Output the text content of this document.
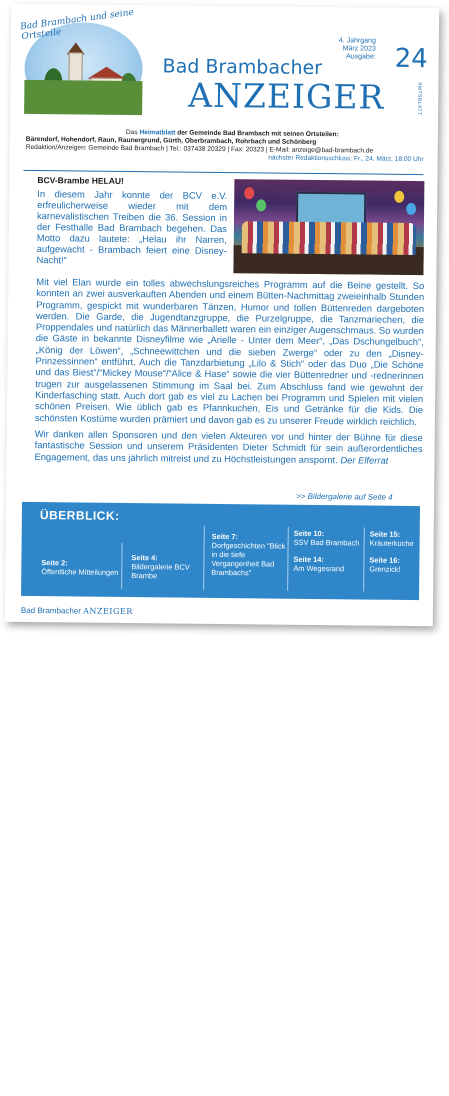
Bad Brambach und seine Ortsteile	4. Jahrgang
März 2023
Ausgabe: 24
Bad Brambacher
ANZEIGER	AMTSBLATT
Das Heimatblatt der Gemeinde Bad Brambach mit seinen Ortsteilen:
Bärendorf, Hohendorf, Raun, Raunergrund, Gürth, Oberbrambach, Rohrbach und Schönberg
Redaktion/Anzeigen: Gemeinde Bad Brambach | Tel.: 037438 20329 | Fax: 20323 | E-Mail: anzeige@bad-brambach.de
nächster Redaktionsschluss: Fr., 24. März, 18:00 Uhr
BCV-Brambe HELAU!
In diesem Jahr konnte der BCV e.V. erfreulicherweise wieder mit dem karnevalistischen Treiben die 36. Session in der Festhalle Bad Brambach begehen. Das Motto dazu lautete: „Helau ihr Narren, aufgewacht - Brambach feiert eine Disney-Nacht!“
Mit viel Elan wurde ein tolles abwechslungsreiches Programm auf die Beine gestellt. So konnten an zwei ausverkauften Abenden und einem Bütten-Nachmittag zweieinhalb Stunden Programm, gespickt mit wunderbaren Tänzen, Humor und tollen Büttenreden dargeboten werden. Die Garde, die Jugendtanzgruppe, die Purzelgruppe, die Tanzmariechen, die Proppendales und natürlich das Männerballett waren ein einziger Augenschmaus. So wurden die Gäste in bekannte Disneyfilme wie „Arielle - Unter dem Meer“, „Das Dschungelbuch“, „König der Löwen“, „Schneewittchen und die sieben Zwerge“ oder zu den „Disney-Prinzessinnen“ entführt. Auch die Tanzdarbietung „Lilo & Stich“ oder das Duo „Die Schöne und das Biest“/“Mickey Mouse“/“Alice & Hase“ sowie die vier Büttenredner und -rednerinnen trugen zur ausgelassenen Stimmung im Saal bei. Zum Abschluss fand wie gewohnt der Kinderfasching statt. Auch dort gab es viel zu Lachen bei Programm und Spielen mit vielen schönen Preisen. Wie üblich gab es Pfannkuchen, Eis und Getränke für die Kids. Die schönsten Kostüme wurden prämiert und davon gab es zu unserer Freude wirklich reichlich.
Wir danken allen Sponsoren und den vielen Akteuren vor und hinter der Bühne für diese fantastische Session und unserem Präsidenten Dieter Schmidt für sein außerordentliches Engagement, das uns jährlich mitreist und zu Höchstleistungen anspornt. Der Elferrat
>> Bildergalerie auf Seite 4
ÜBERBLICK:
Seite 2:
Öffentliche Mitteilungen
Seite 4:
Bildergalerie BCV Brambe
Seite 7:
Dorfgeschichten "Blick in die tiefe Vergangenheit Bad Brambachs"
Seite 10:
SSV Bad Brambach
Seite 14:
Am Wegesrand
Seite 15:
Kräuterküche
Seite 16:
Grenzick!
1
Bad Brambacher ANZEIGER
